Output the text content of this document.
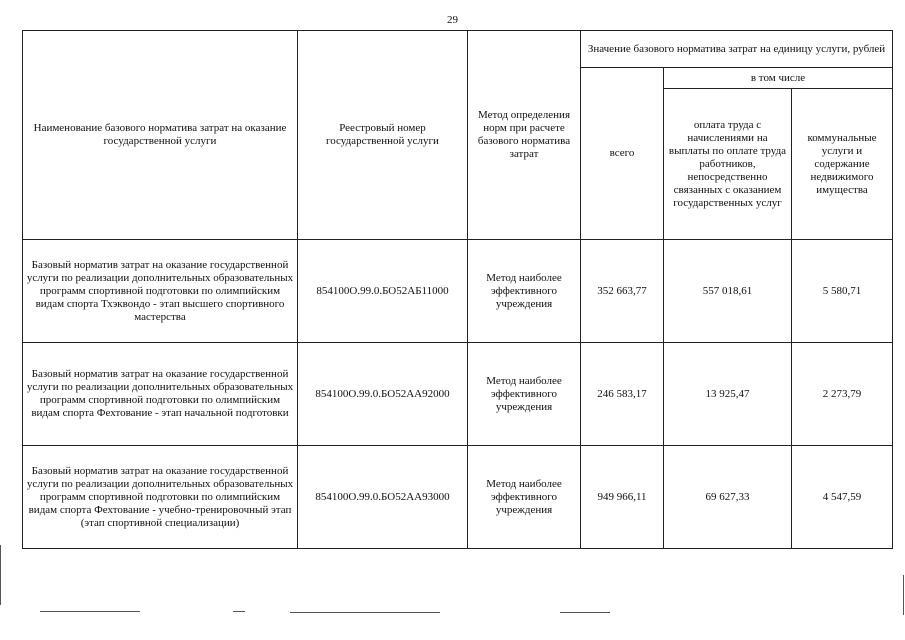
29
Наименование базового норматива затрат на оказание государственной услуги	Реестровый номер государственной услуги	Метод определения норм при расчете базового норматива затрат	Значение базового норматива затрат на единицу услуги, рублей		
			всего	в том числе	
				оплата труда с начислениями на выплаты по оплате труда работников, непосредственно связанных с оказанием государственных услуг	коммунальные услуги и содержание недвижимого имущества
Базовый норматив затрат на оказание государственной услуги по реализации дополнительных образовательных программ спортивной подготовки по олимпийским видам спорта Тхэквондо - этап высшего спортивного мастерства	854100О.99.0.БО52АБ11000	Метод наиболее эффективного учреждения	352 663,77	557 018,61	5 580,71
Базовый норматив затрат на оказание государственной услуги по реализации дополнительных образовательных программ спортивной подготовки по олимпийским видам спорта Фехтование - этап начальной подготовки	854100О.99.0.БО52АА92000	Метод наиболее эффективного учреждения	246 583,17	13 925,47	2 273,79
Базовый норматив затрат на оказание государственной услуги по реализации дополнительных образовательных программ спортивной подготовки по олимпийским видам спорта Фехтование - учебно-тренировочный этап (этап спортивной специализации)	854100О.99.0.БО52АА93000	Метод наиболее эффективного учреждения	949 966,11	69 627,33	4 547,59
